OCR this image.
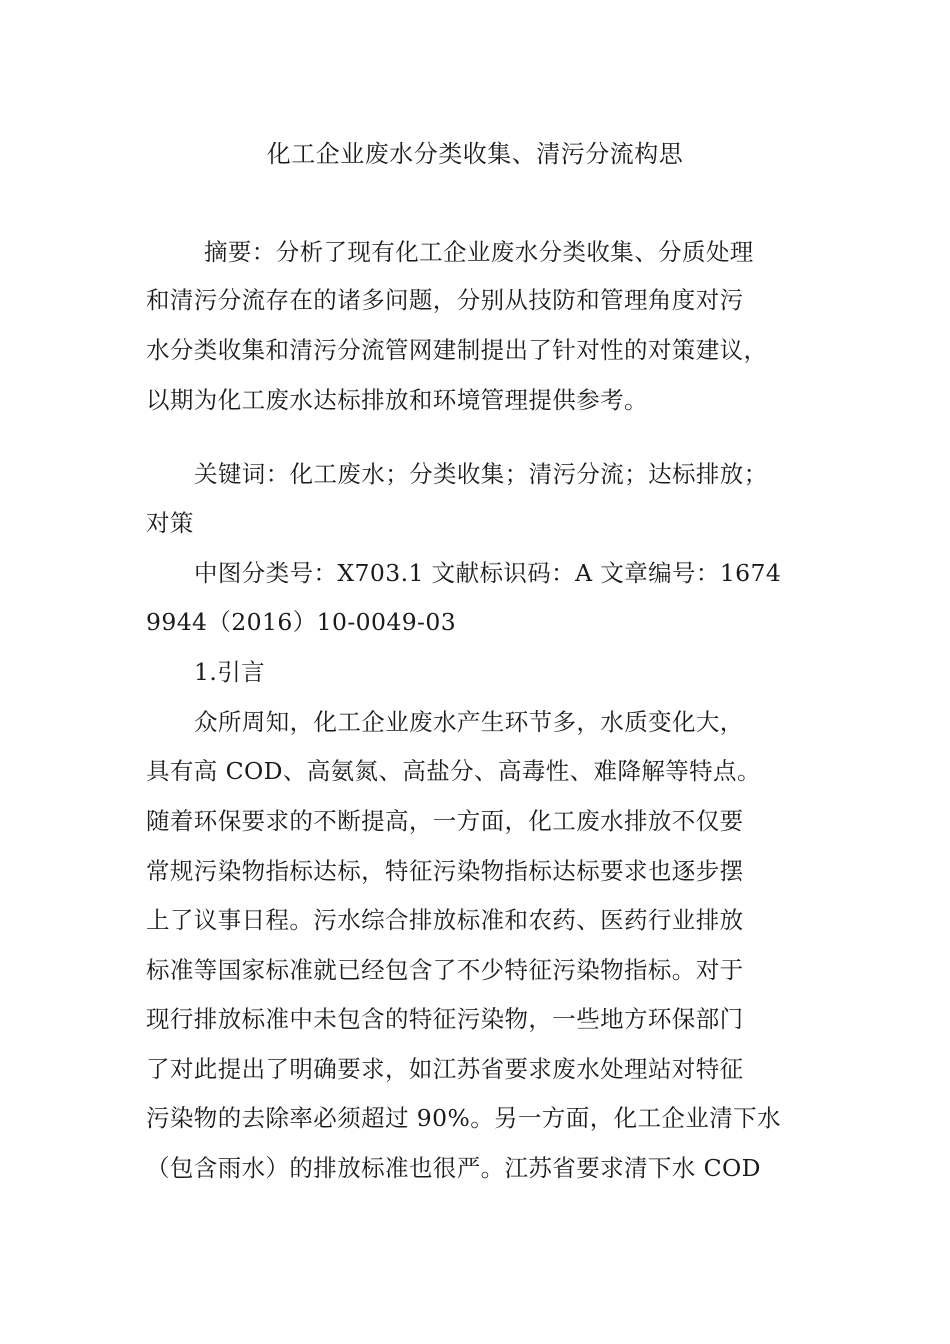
化工企业废水分类收集、清污分流构思
摘要：分析了现有化工企业废水分类收集、分质处理
和清污分流存在的诸多问题，分别从技防和管理角度对污
水分类收集和清污分流管网建制提出了针对性的对策建议，
以期为化工废水达标排放和环境管理提供参考。
关键词：化工废水；分类收集；清污分流；达标排放；
对策
中图分类号：X703.1 文献标识码：A 文章编号：1674
9944（2016）10-0049-03
1.引言
众所周知，化工企业废水产生环节多，水质变化大，
具有高 COD、高氨氮、高盐分、高毒性、难降解等特点。
随着环保要求的不断提高，一方面，化工废水排放不仅要
常规污染物指标达标，特征污染物指标达标要求也逐步摆
上了议事日程。污水综合排放标准和农药、医药行业排放
标准等国家标准就已经包含了不少特征污染物指标。对于
现行排放标准中未包含的特征污染物，一些地方环保部门
了对此提出了明确要求，如江苏省要求废水处理站对特征
污染物的去除率必须超过 90%。另一方面，化工企业清下水
（包含雨水）的排放标准也很严。江苏省要求清下水 COD
